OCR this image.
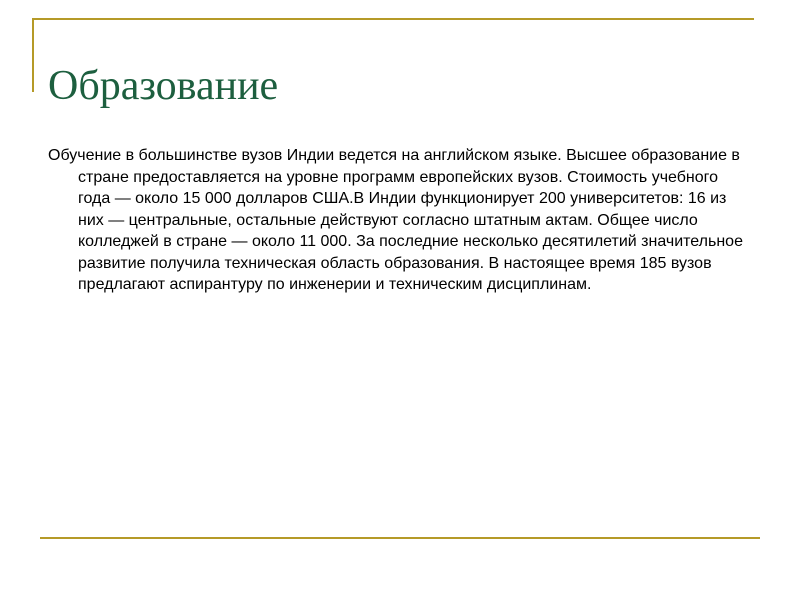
Образование

Обучение в большинстве вузов Индии ведется на английском языке. Высшее образование в стране предоставляется на уровне программ европейских вузов. Стоимость учебного года — около 15 000 долларов США.В Индии функционирует 200 университетов: 16 из них — центральные, остальные действуют согласно штатным актам. Общее число колледжей в стране — около 11 000. За последние несколько десятилетий значительное развитие получила техническая область образования. В настоящее время 185 вузов предлагают аспирантуру по инженерии и техническим дисциплинам.
